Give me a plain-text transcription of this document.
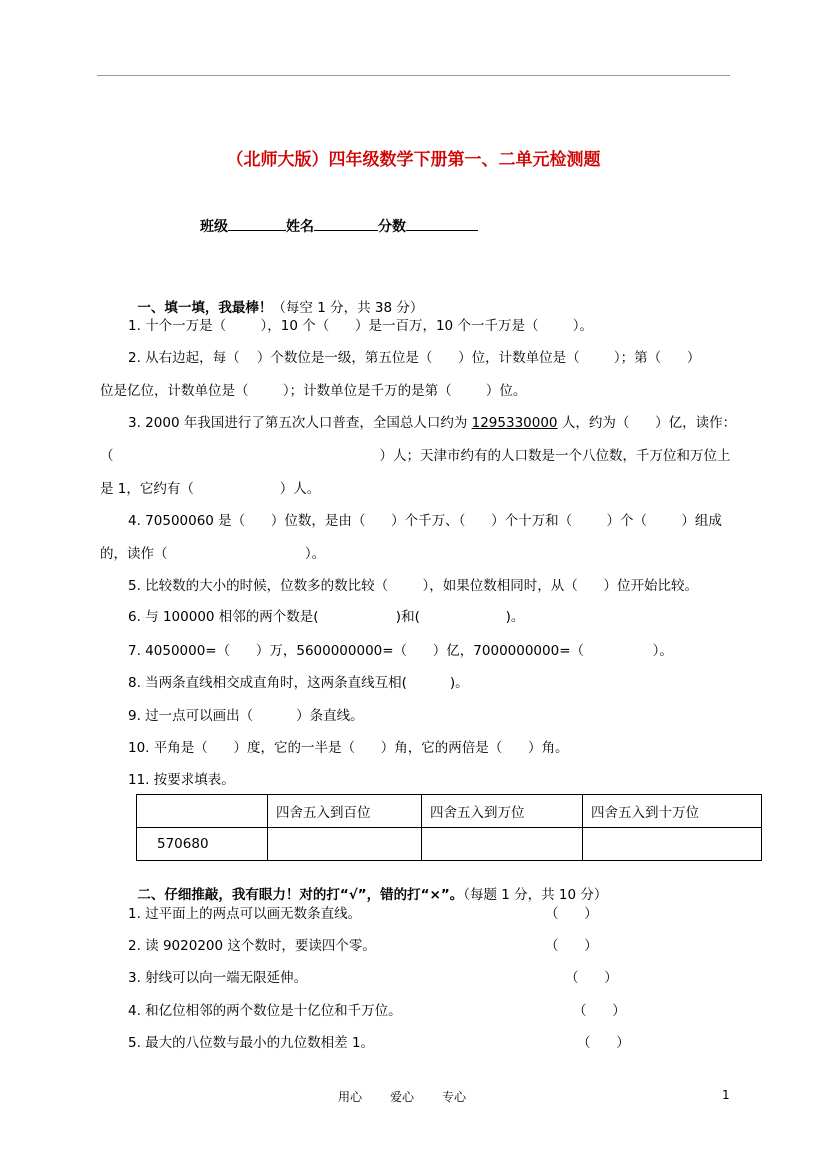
（北师大版）四年级数学下册第一、二单元检测题
班级	姓名	分数

一、填一填，我最棒！（每空 1 分，共 38 分）

1. 十个一万是（        ），10 个（      ）是一百万，10 个一千万是（        ）。
2. 从右边起，每（    ）个数位是一级，第五位是（      ）位，计数单位是（        ）；第（      ）
位是亿位，计数单位是（        ）；计数单位是千万的是第（        ）位。
3. 2000 年我国进行了第五次人口普查，全国总人口约为 1295330000 人，约为（      ）亿，读作：
（                                                              ）人；天津市约有的人口数是一个八位数，千万位和万位上
是 1，它约有（                    ）人。
4. 70500060 是（      ）位数，是由（      ）个千万、（      ）个十万和（        ）个（        ）组成
的，读作（                                ）。
5. 比较数的大小的时候，位数多的数比较（        ），如果位数相同时，从（      ）位开始比较。
6. 与 100000 相邻的两个数是(                  )和(                    )。
7. 4050000=（      ）万，5600000000=（      ）亿，7000000000=（                ）。
8. 当两条直线相交成直角时，这两条直线互相(          )。
9. 过一点可以画出（          ）条直线。
10. 平角是（      ）度，它的一半是（      ）角，它的两倍是（      ）角。
11. 按要求填表。
	四舍五入到百位	四舍五入到万位	四舍五入到十万位
570680			

二、仔细推敲，我有眼力！对的打“√”，错的打“×”。（每题 1 分，共 10 分）

1. 过平面上的两点可以画无数条直线。	（      ）
2. 读 9020200 这个数时，要读四个零。	（      ）
3. 射线可以向一端无限延伸。	（      ）
4. 和亿位相邻的两个数位是十亿位和千万位。	（      ）
5. 最大的八位数与最小的九位数相差 1。	（      ）
用心 爱心 专心	1
